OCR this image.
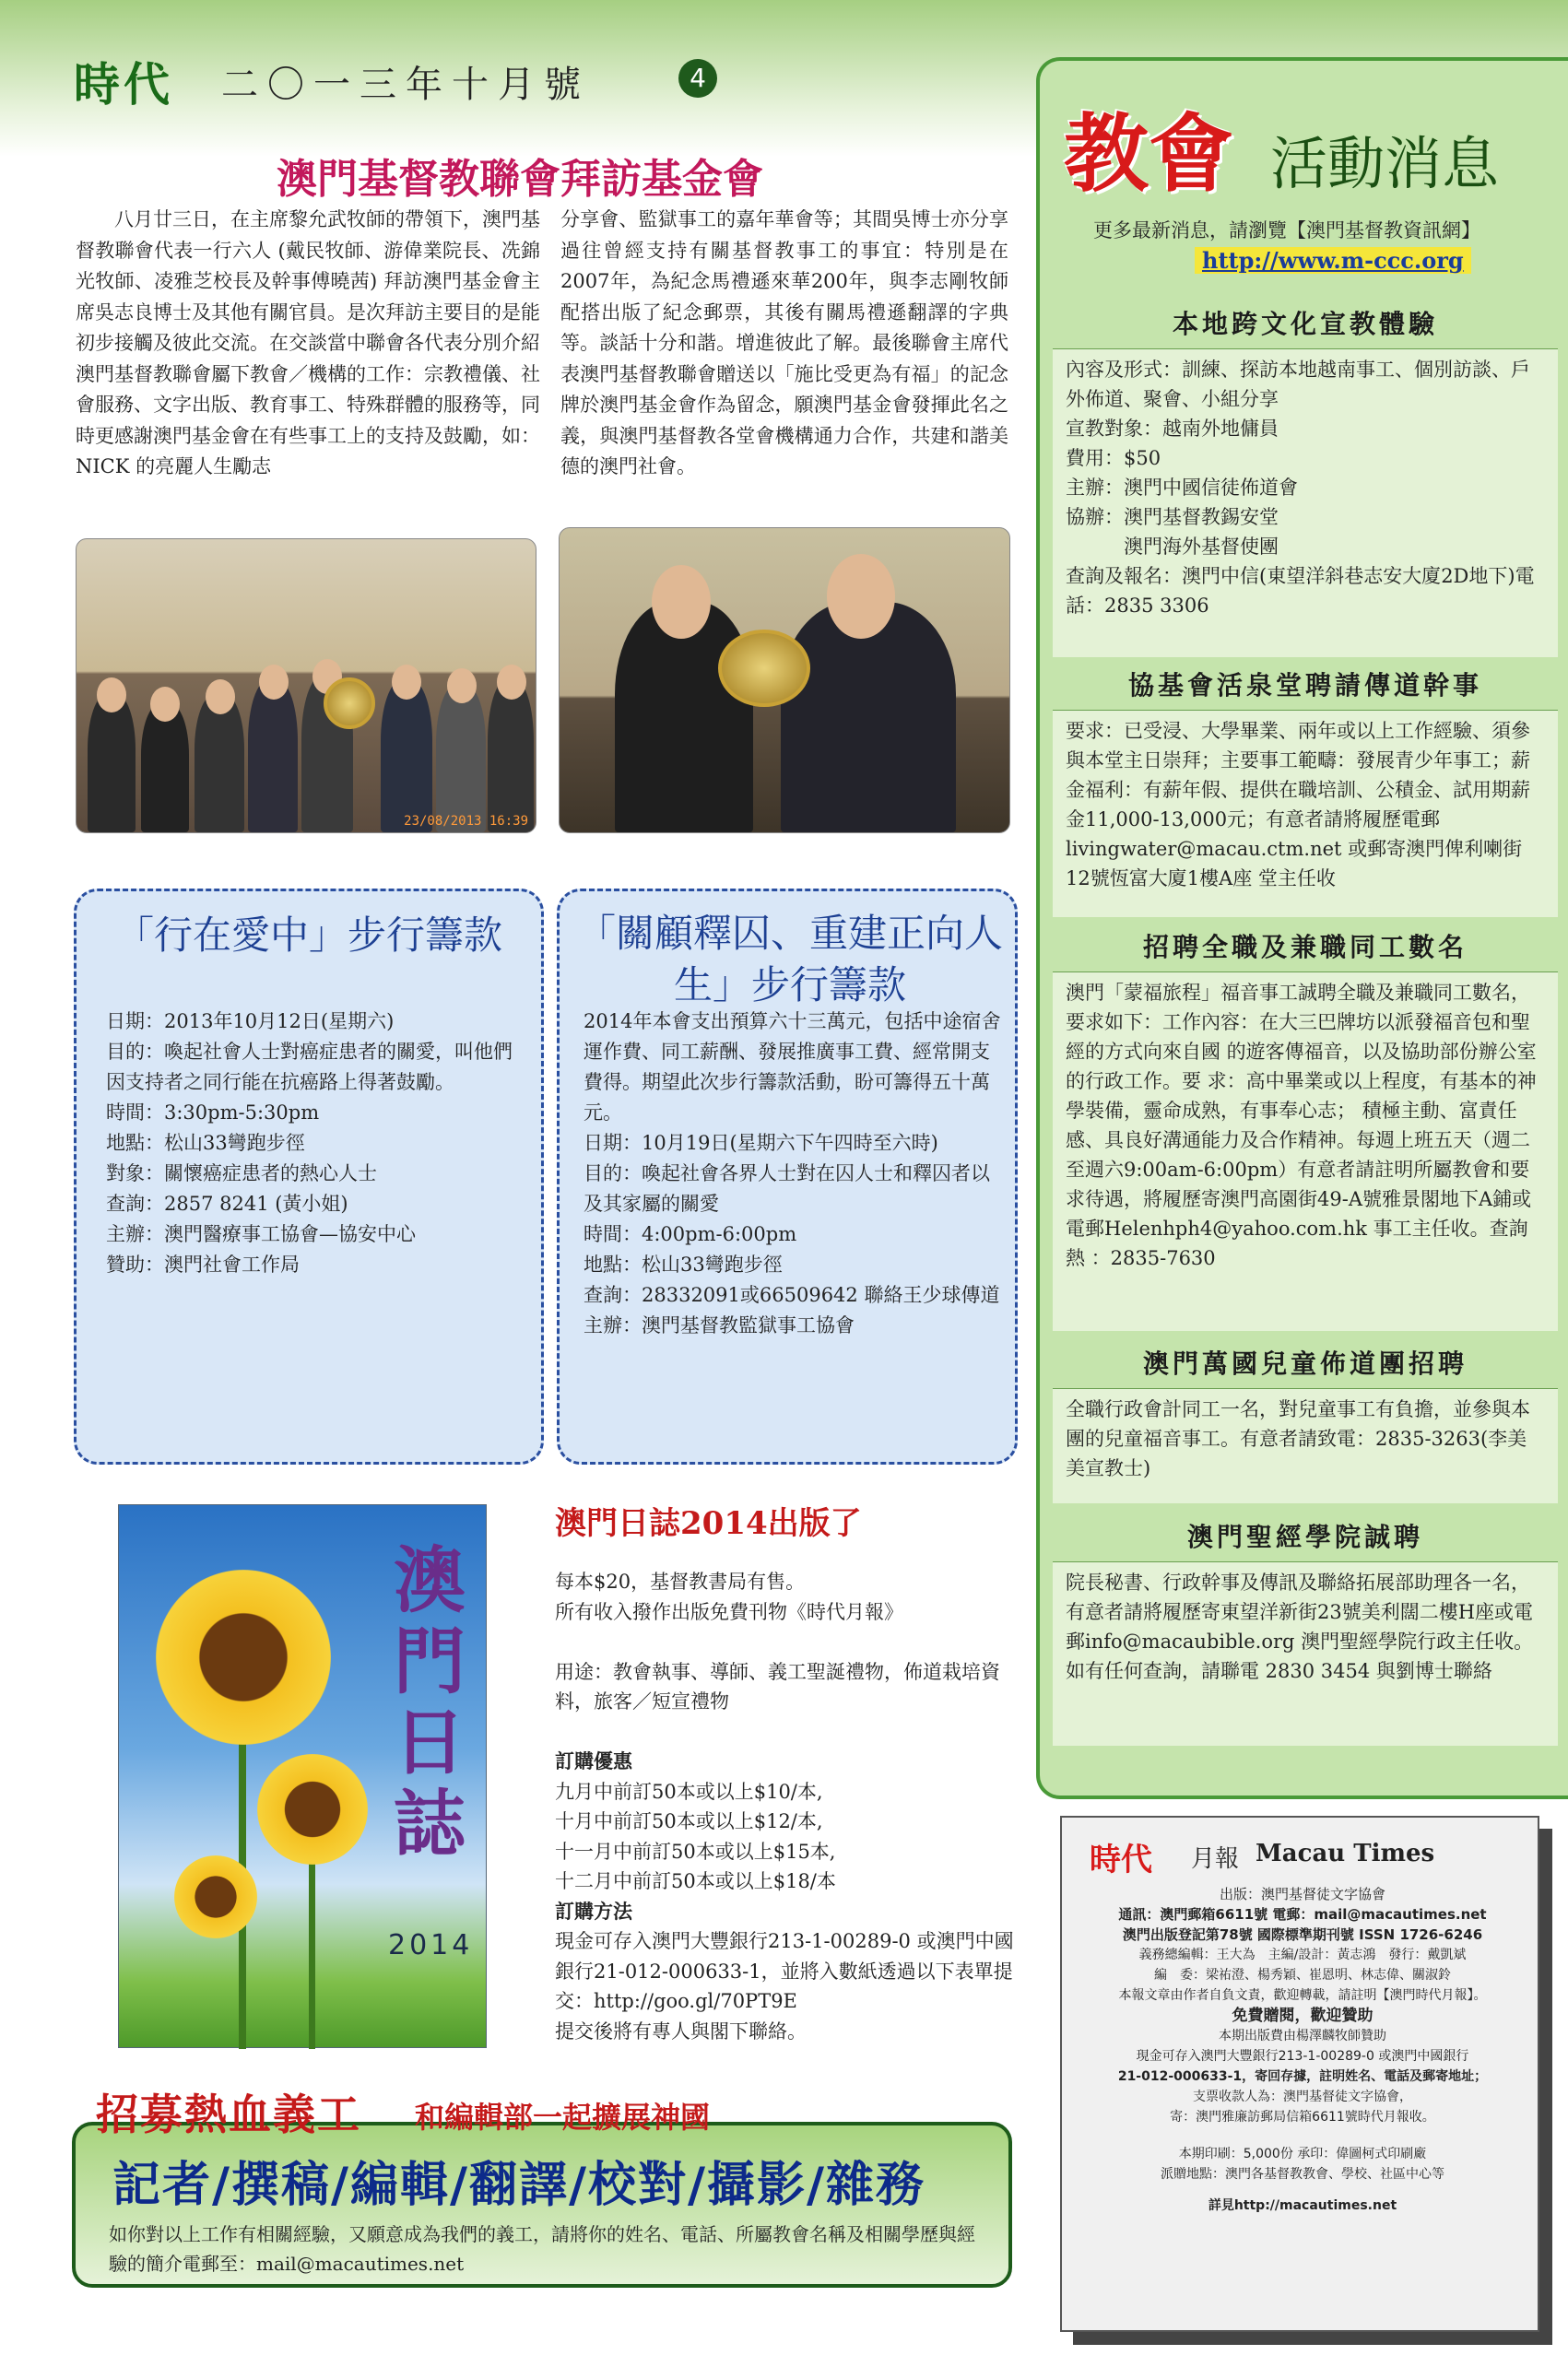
時代 二〇一三年十月號	4
澳門基督教聯會拜訪基金會
八月廿三日，在主席黎允武牧師的帶領下，澳門基督教聯會代表一行六人 (戴民牧師、游偉業院長、冼錦光牧師、凌雅芝校長及幹事傅曉茜) 拜訪澳門基金會主席吳志良博士及其他有關官員。是次拜訪主要目的是能初步接觸及彼此交流。在交談當中聯會各代表分別介紹澳門基督教聯會屬下教會／機構的工作：宗教禮儀、社會服務、文字出版、教育事工、特殊群體的服務等，同時更感謝澳門基金會在有些事工上的支持及鼓勵，如：NICK 的亮麗人生勵志
分享會、監獄事工的嘉年華會等；其間吳博士亦分享過往曾經支持有關基督教事工的事宜：特別是在2007年，為紀念馬禮遜來華200年，與李志剛牧師配搭出版了紀念郵票，其後有關馬禮遜翻譯的字典等。談話十分和諧。增進彼此了解。最後聯會主席代表澳門基督教聯會贈送以「施比受更為有福」的記念牌於澳門基金會作為留念，願澳門基金會發揮此名之義，與澳門基督教各堂會機構通力合作，共建和諧美德的澳門社會。
23/08/2013 16:39
「行在愛中」步行籌款
日期：2013年10月12日(星期六)
目的：喚起社會人士對癌症患者的關愛，叫他們因支持者之同行能在抗癌路上得著鼓勵。
時間：3:30pm-5:30pm
地點：松山33彎跑步徑
對象：關懷癌症患者的熱心人士
查詢：2857 8241 (黃小姐)
主辦：澳門醫療事工協會—協安中心
贊助：澳門社會工作局
「關顧釋囚、重建正向人生」步行籌款
2014年本會支出預算六十三萬元，包括中途宿舍運作費、同工薪酬、發展推廣事工費、經常開支費得。期望此次步行籌款活動，盼可籌得五十萬元。
日期：10月19日(星期六下午四時至六時)
目的：喚起社會各界人士對在囚人士和釋囚者以及其家屬的關愛
時間：4:00pm-6:00pm
地點：松山33彎跑步徑
查詢：28332091或66509642 聯絡王少球傳道
主辦：澳門基督教監獄事工協會
澳門日誌
2014
澳門日誌2014出版了
每本$20，基督教書局有售。
所有收入撥作出版免費刊物《時代月報》
用途：教會執事、導師、義工聖誕禮物，佈道栽培資料，旅客／短宣禮物
訂購優惠
九月中前訂50本或以上$10/本,
十月中前訂50本或以上$12/本,
十一月中前訂50本或以上$15本,
十二月中前訂50本或以上$18/本
訂購方法
現金可存入澳門大豐銀行213-1-00289-0 或澳門中國銀行21-012-000633-1，並將入數紙透過以下表單提交：http://goo.gl/70PT9E
提交後將有專人與閣下聯絡。
記者/撰稿/編輯/翻譯/校對/攝影/雜務
如你對以上工作有相關經驗，又願意成為我們的義工，請將你的姓名、電話、所屬教會名稱及相關學歷與經驗的簡介電郵至：mail@macautimes.net
招募熱血義工 和編輯部一起擴展神國
教會 活動消息
更多最新消息，請瀏覽【澳門基督教資訊網】
http://www.m-ccc.org
本地跨文化宣教體驗
內容及形式：訓練、探訪本地越南事工、個別訪談、戶外佈道、聚會、小組分享
宣教對象：越南外地傭員
費用：$50
主辦：澳門中國信徒佈道會
協辦：澳門基督教錫安堂
　　　澳門海外基督使團
查詢及報名：澳門中信(東望洋斜巷志安大廈2D地下)電話：2835 3306
協基會活泉堂聘請傳道幹事
要求：已受浸、大學畢業、兩年或以上工作經驗、須參與本堂主日崇拜；主要事工範疇：發展青少年事工；薪金福利：有薪年假、提供在職培訓、公積金、試用期薪金11,000-13,000元；有意者請將履歷電郵livingwater@macau.ctm.net 或郵寄澳門俾利喇街12號恆富大廈1樓A座 堂主任收
招聘全職及兼職同工數名
澳門「蒙福旅程」福音事工誠聘全職及兼職同工數名，要求如下：工作內容：在大三巴牌坊以派發福音包和聖經的方式向來自國 的遊客傳福音，以及協助部份辦公室的行政工作。要 求：高中畢業或以上程度，有基本的神學裝備，靈命成熟，有事奉心志； 積極主動、富責任感、具良好溝通能力及合作精神。每週上班五天（週二至週六9:00am-6:00pm）有意者請註明所屬教會和要求待遇，將履歷寄澳門高園街49-A號雅景閣地下A鋪或電郵Helenhph4@yahoo.com.hk 事工主任收。查詢熱 ：2835-7630
澳門萬國兒童佈道團招聘
全職行政會計同工一名，對兒童事工有負擔，並參與本團的兒童福音事工。有意者請致電：2835-3263(李美美宣教士)
澳門聖經學院誠聘
院長秘書、行政幹事及傳訊及聯絡拓展部助理各一名，有意者請將履歷寄東望洋新街23號美利闊二樓H座或電郵info@macaubible.org 澳門聖經學院行政主任收。如有任何查詢，請聯電 2830 3454 與劉博士聯絡
時代 月報 Macau Times
出版：澳門基督徒文字協會
通訊：澳門郵箱6611號 電郵：mail@macautimes.net
澳門出版登記第78號 國際標準期刊號 ISSN 1726-6246
義務總編輯：王大為　主編/設計：黃志鴻　發行：戴凱斌
編　委：梁祐澄、楊秀穎、崔恩明、林志偉、關淑鈴
本報文章由作者自負文責，歡迎轉載，請註明【澳門時代月報】。
免費贈閱，歡迎贊助
本期出版費由楊澤麟牧師贊助
現金可存入澳門大豐銀行213-1-00289-0 或澳門中國銀行
21-012-000633-1，寄回存據，註明姓名、電話及郵寄地址；
支票收款人為：澳門基督徒文字協會，
寄：澳門雅廉訪郵局信箱6611號時代月報收。
本期印刷：5,000份 承印：偉圖柯式印刷廠
派贈地點：澳門各基督教教會、學校、社區中心等
詳見http://macautimes.net
